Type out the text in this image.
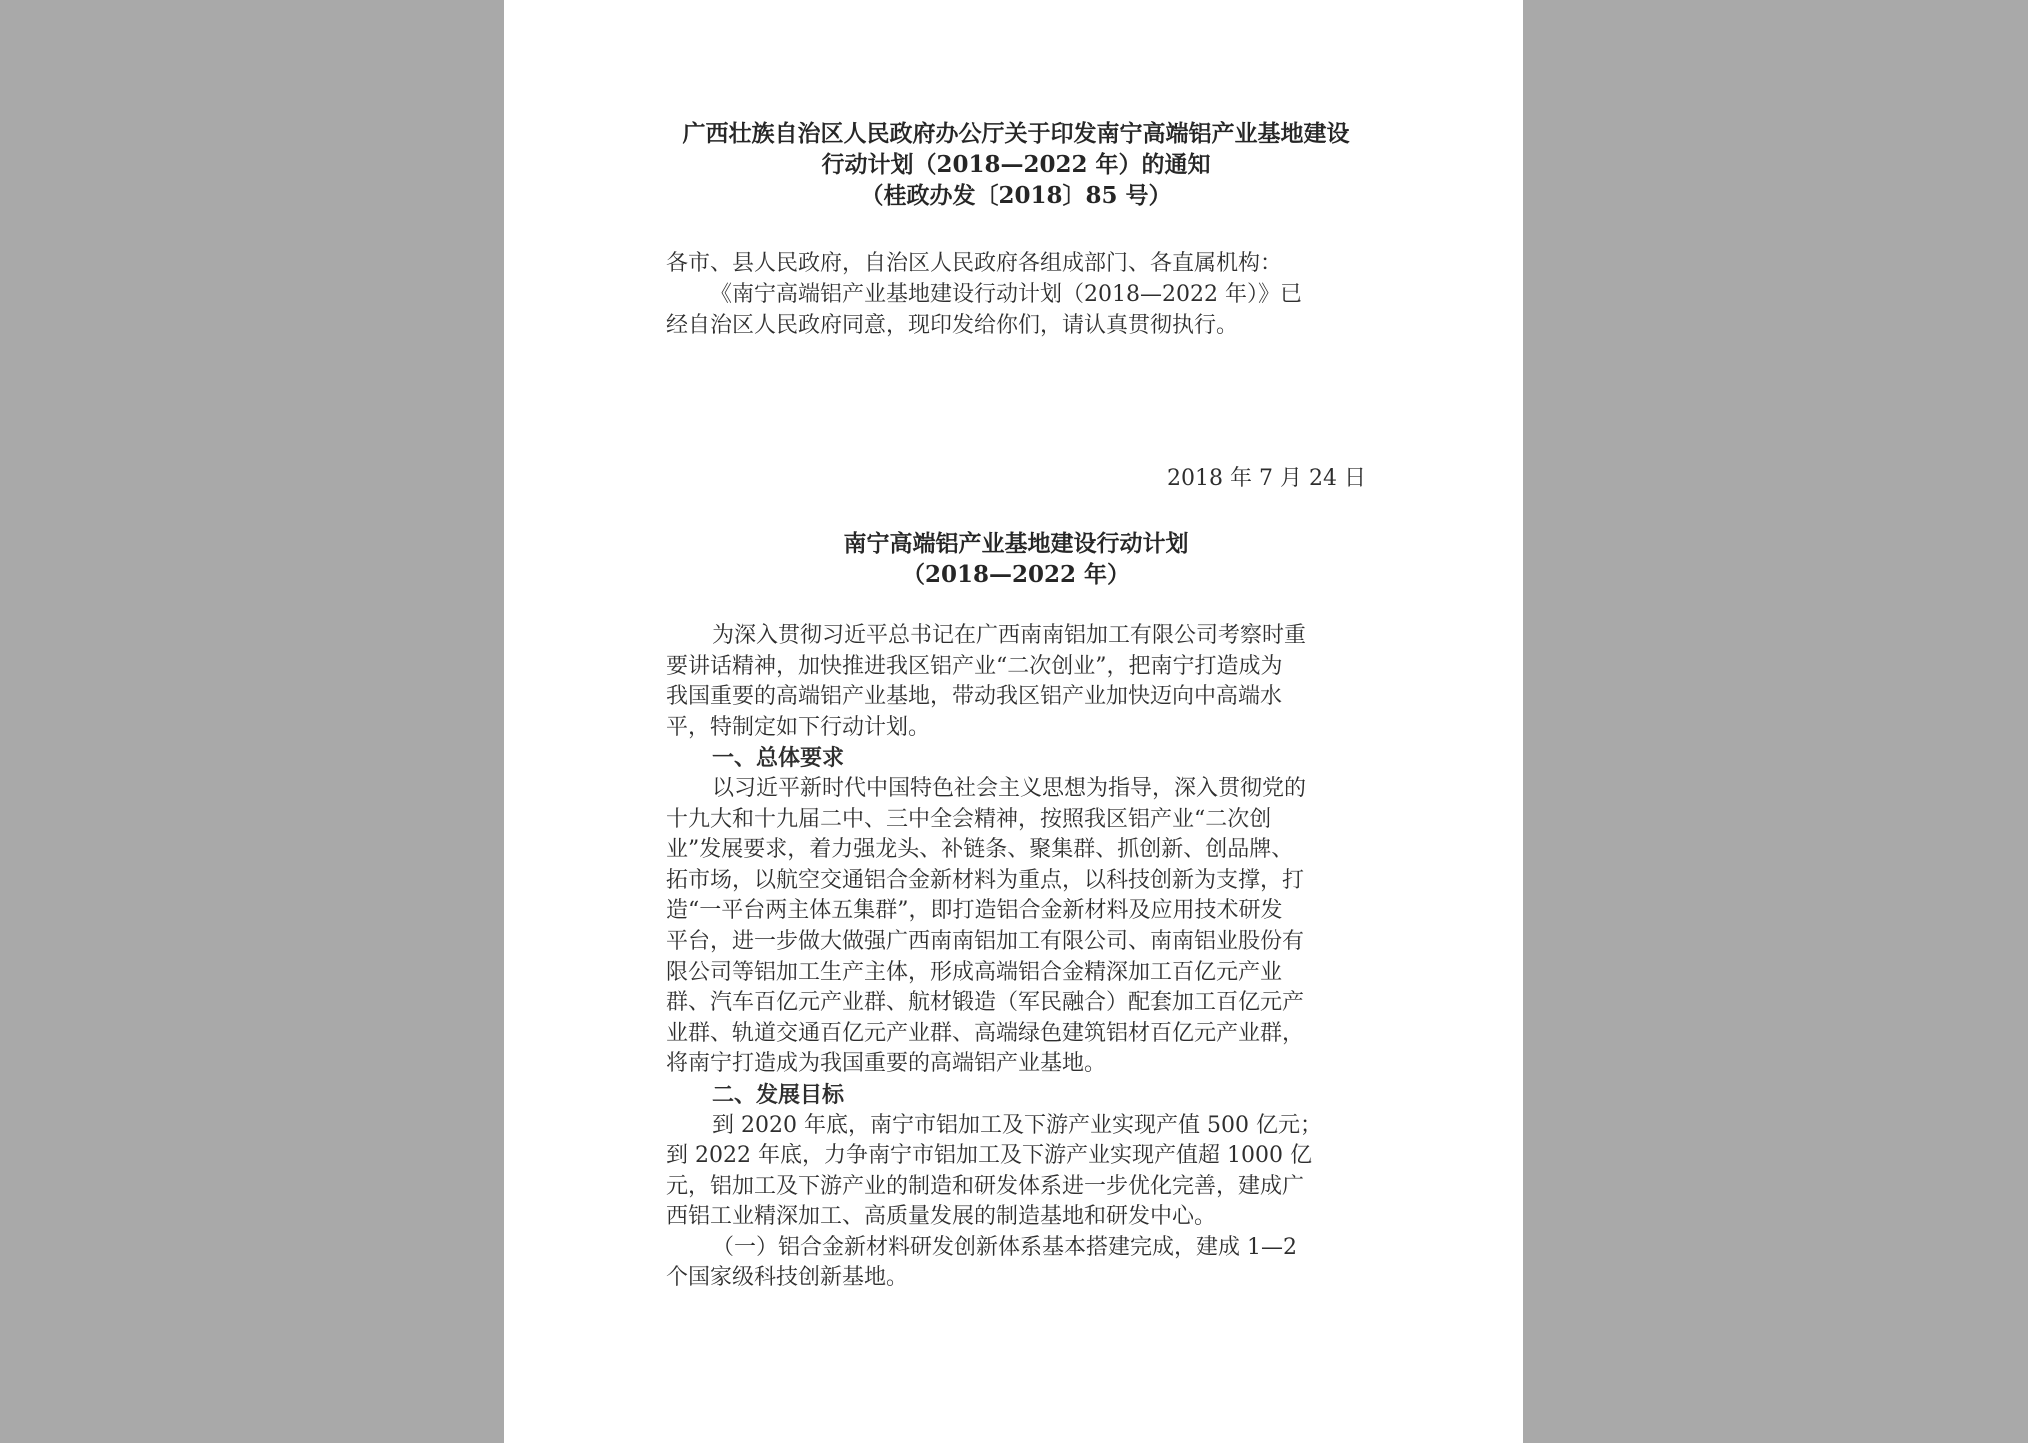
广西壮族自治区人民政府办公厅关于印发南宁高端铝产业基地建设
行动计划（2018—2022 年）的通知
（桂政办发〔2018〕85 号）
各市、县人民政府，自治区人民政府各组成部门、各直属机构：
《南宁高端铝产业基地建设行动计划（2018—2022 年）》已
经自治区人民政府同意，现印发给你们，请认真贯彻执行。
2018 年 7 月 24 日
南宁高端铝产业基地建设行动计划
（2018—2022 年）
为深入贯彻习近平总书记在广西南南铝加工有限公司考察时重
要讲话精神，加快推进我区铝产业“二次创业”，把南宁打造成为
我国重要的高端铝产业基地，带动我区铝产业加快迈向中高端水
平，特制定如下行动计划。
一、总体要求
以习近平新时代中国特色社会主义思想为指导，深入贯彻党的
十九大和十九届二中、三中全会精神，按照我区铝产业“二次创
业”发展要求，着力强龙头、补链条、聚集群、抓创新、创品牌、
拓市场，以航空交通铝合金新材料为重点，以科技创新为支撑，打
造“一平台两主体五集群”，即打造铝合金新材料及应用技术研发
平台，进一步做大做强广西南南铝加工有限公司、南南铝业股份有
限公司等铝加工生产主体，形成高端铝合金精深加工百亿元产业
群、汽车百亿元产业群、航材锻造（军民融合）配套加工百亿元产
业群、轨道交通百亿元产业群、高端绿色建筑铝材百亿元产业群，
将南宁打造成为我国重要的高端铝产业基地。
二、发展目标
到 2020 年底，南宁市铝加工及下游产业实现产值 500 亿元；
到 2022 年底，力争南宁市铝加工及下游产业实现产值超 1000 亿
元，铝加工及下游产业的制造和研发体系进一步优化完善，建成广
西铝工业精深加工、高质量发展的制造基地和研发中心。
（一）铝合金新材料研发创新体系基本搭建完成，建成 1—2
个国家级科技创新基地。
